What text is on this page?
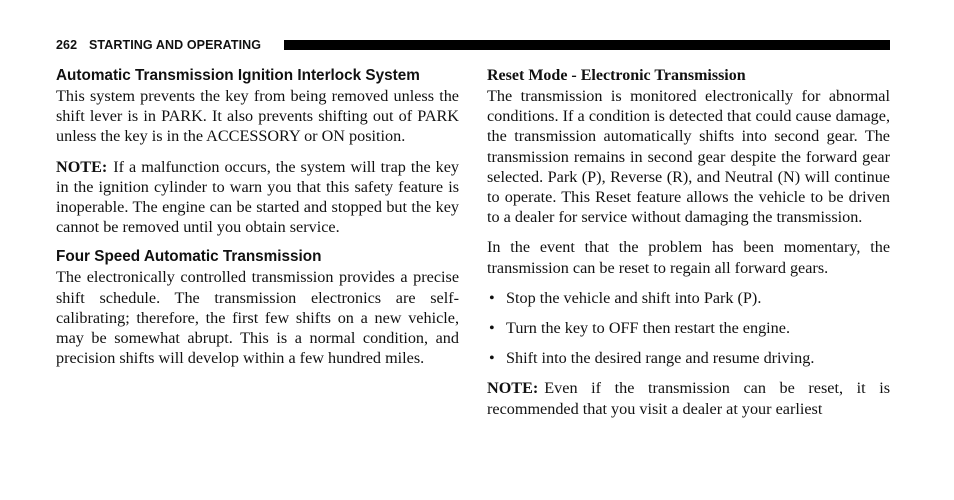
262 STARTING AND OPERATING
Automatic Transmission Ignition Interlock System

This system prevents the key from being removed unless the shift lever is in PARK. It also prevents shifting out of PARK unless the key is in the ACCESSORY or ON position.

NOTE: If a malfunction occurs, the system will trap the key in the ignition cylinder to warn you that this safety feature is inoperable. The engine can be started and stopped but the key cannot be removed until you obtain service.

Four Speed Automatic Transmission

The electronically controlled transmission provides a precise shift schedule. The transmission electronics are self-calibrating; therefore, the first few shifts on a new vehicle, may be somewhat abrupt. This is a normal condition, and precision shifts will develop within a few hundred miles.

Reset Mode - Electronic Transmission

The transmission is monitored electronically for abnormal conditions. If a condition is detected that could cause damage, the transmission automatically shifts into second gear. The transmission remains in second gear despite the forward gear selected. Park (P), Reverse (R), and Neutral (N) will continue to operate. This Reset feature allows the vehicle to be driven to a dealer for service without damaging the transmission.

In the event that the problem has been momentary, the transmission can be reset to regain all forward gears.

• Stop the vehicle and shift into Park (P).
• Turn the key to OFF then restart the engine.
• Shift into the desired range and resume driving.

NOTE: Even if the transmission can be reset, it is recommended that you visit a dealer at your earliest
